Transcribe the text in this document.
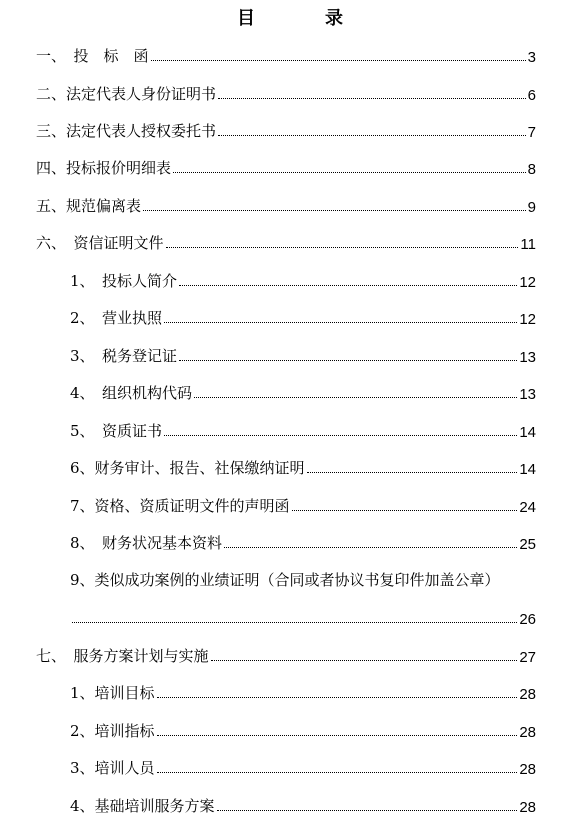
目　录
一、　投　标　函	3
二、法定代表人身份证明书	6
三、法定代表人授权委托书	7
四、投标报价明细表	8
五、规范偏离表	9
六、　资信证明文件	11
1、　投标人简介	12
2、　营业执照	12
3、　税务登记证	13
4、　组织机构代码	13
5、　资质证书	14
6、财务审计、报告、社保缴纳证明	14
7、资格、资质证明文件的声明函	24
8、　财务状况基本资料	25
9、类似成功案例的业绩证明（合同或者协议书复印件加盖公章）
26
七、　服务方案计划与实施	27
1、培训目标	28
2、培训指标	28
3、培训人员	28
4、基础培训服务方案	28
